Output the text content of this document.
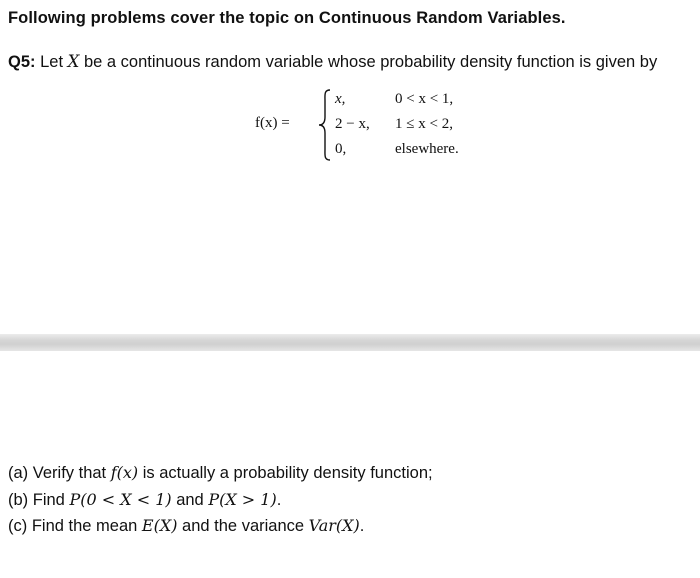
Following problems cover the topic on Continuous Random Variables.
Q5: Let X be a continuous random variable whose probability density function is given by
f(x) =
x,	0 < x < 1,
2 − x, 1 ≤ x < 2,
0,	elsewhere.
(a) Verify that f(x) is actually a probability density function;
(b) Find P(0 < X < 1) and P(X > 1).
(c) Find the mean E(X) and the variance Var(X).
